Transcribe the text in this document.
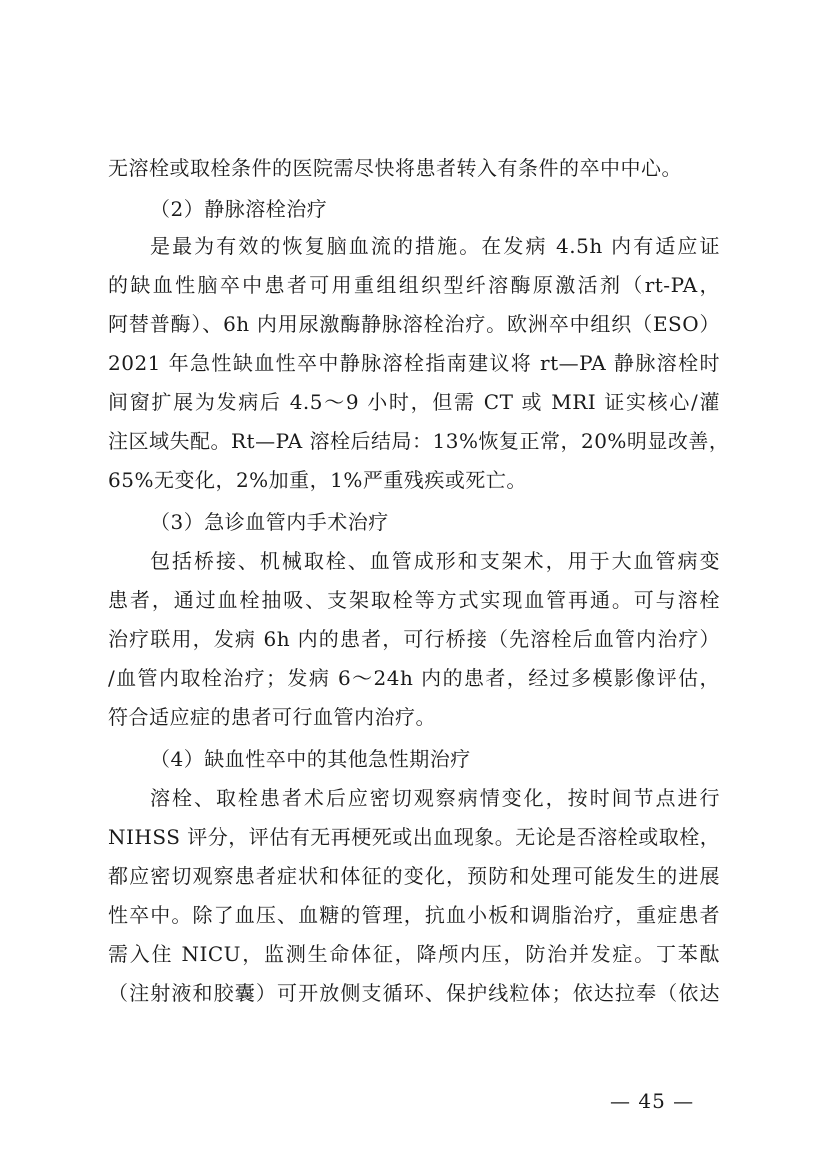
无溶栓或取栓条件的医院需尽快将患者转入有条件的卒中中心。
（2）静脉溶栓治疗
是最为有效的恢复脑血流的措施。在发病 4.5h 内有适应证
的缺血性脑卒中患者可用重组组织型纤溶酶原激活剂（rt-PA，
阿替普酶）、6h 内用尿激酶静脉溶栓治疗。欧洲卒中组织（ESO）
2021 年急性缺血性卒中静脉溶栓指南建议将 rt—PA 静脉溶栓时
间窗扩展为发病后 4.5～9 小时，但需 CT 或 MRI 证实核心/灌
注区域失配。Rt—PA 溶栓后结局：13%恢复正常，20%明显改善，
65%无变化，2%加重，1%严重残疾或死亡。
（3）急诊血管内手术治疗
包括桥接、机械取栓、血管成形和支架术，用于大血管病变
患者，通过血栓抽吸、支架取栓等方式实现血管再通。可与溶栓
治疗联用，发病 6h 内的患者，可行桥接（先溶栓后血管内治疗）
/血管内取栓治疗；发病 6～24h 内的患者，经过多模影像评估，
符合适应症的患者可行血管内治疗。
（4）缺血性卒中的其他急性期治疗
溶栓、取栓患者术后应密切观察病情变化，按时间节点进行
NIHSS 评分，评估有无再梗死或出血现象。无论是否溶栓或取栓，
都应密切观察患者症状和体征的变化，预防和处理可能发生的进展
性卒中。除了血压、血糖的管理，抗血小板和调脂治疗，重症患者
需入住 NICU，监测生命体征，降颅内压，防治并发症。丁苯酞
（注射液和胶囊）可开放侧支循环、保护线粒体；依达拉奉（依达
— 45 —
